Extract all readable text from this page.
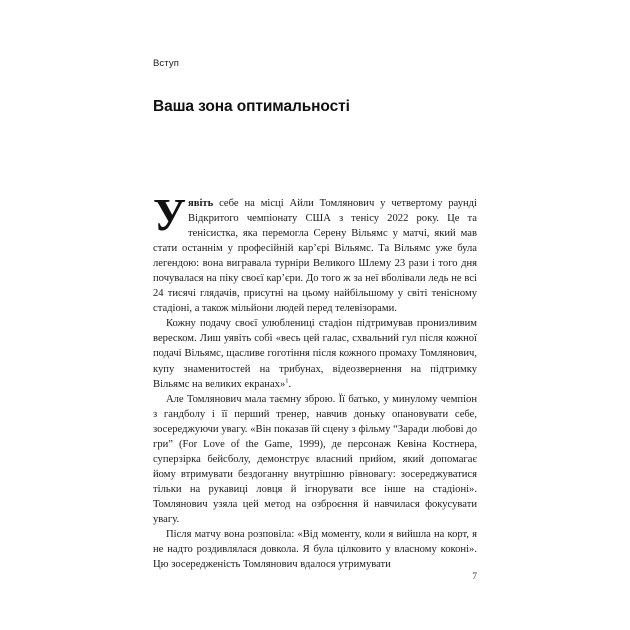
Вступ
Ваша зона оптимальності

Уявіть себе на місці Айли Томлянович у четвертому раунді Відкритого чемпіонату США з тенісу 2022 року. Це та тенісистка, яка перемогла Серену Вільямс у матчі, який мав стати останнім у професійній кар’єрі Вільямс. Та Вільямс уже була легендою: вона вигравала турніри Великого Шлему 23 рази і того дня почувалася на піку своєї кар’єри. До того ж за неї вболівали ледь не всі 24 тисячі глядачів, присутні на цьому найбільшому у світі тенісному стадіоні, а також мільйони людей перед телевізорами.

Кожну подачу своєї улюблениці стадіон підтримував пронизливим вереском. Лиш уявіть собі «весь цей галас, схвальний гул після кожної подачі Вільямс, щасливе гоготіння після кожного промаху Томлянович, купу знаменитостей на трибунах, відеозвернення на підтримку Вільямс на великих екранах»$^1$.

Але Томлянович мала таємну зброю. Її батько, у минулому чемпіон з гандболу і її перший тренер, навчив доньку опановувати себе, зосереджуючи увагу. «Він показав їй сцену з фільму “Заради любові до гри” (For Love of the Game, 1999), де персонаж Кевіна Костнера, суперзірка бейсболу, демонструє власний прийом, який допомагає йому втримувати бездоганну внутрішню рівновагу: зосереджуватися тільки на рукавиці ловця й ігнорувати все інше на стадіоні». Томлянович узяла цей метод на озброєння й навчилася фокусувати увагу.

Після матчу вона розповіла: «Від моменту, коли я вийшла на корт, я не надто роздивлялася довкола. Я була цілковито у власному коконі». Цю зосередженість Томлянович вдалося утримувати

7
